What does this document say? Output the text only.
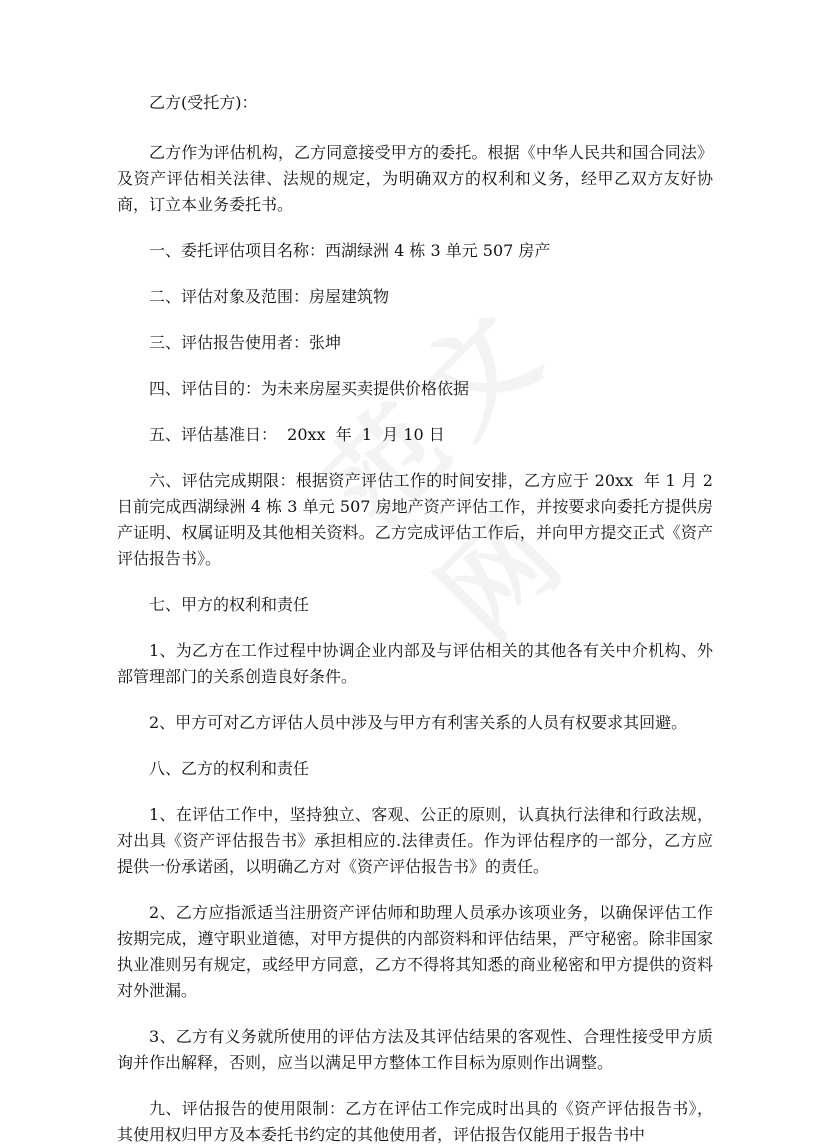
乙方(受托方)：

乙方作为评估机构，乙方同意接受甲方的委托。根据《中华人民共和国合同法》及资产评估相关法律、法规的规定，为明确双方的权利和义务，经甲乙双方友好协商，订立本业务委托书。

一、委托评估项目名称：西湖绿洲 4 栋 3 单元 507 房产

二、评估对象及范围：房屋建筑物

三、评估报告使用者：张坤

四、评估目的：为未来房屋买卖提供价格依据

五、评估基准日：  20xx  年  1  月 10 日

六、评估完成期限：根据资产评估工作的时间安排，乙方应于 20xx  年 1 月 2 日前完成西湖绿洲 4 栋 3 单元 507 房地产资产评估工作，并按要求向委托方提供房产证明、权属证明及其他相关资料。乙方完成评估工作后，并向甲方提交正式《资产评估报告书》。

七、甲方的权利和责任

1、为乙方在工作过程中协调企业内部及与评估相关的其他各有关中介机构、外部管理部门的关系创造良好条件。

2、甲方可对乙方评估人员中涉及与甲方有利害关系的人员有权要求其回避。

八、乙方的权利和责任

1、在评估工作中，坚持独立、客观、公正的原则，认真执行法律和行政法规，对出具《资产评估报告书》承担相应的.法律责任。作为评估程序的一部分，乙方应提供一份承诺函，以明确乙方对《资产评估报告书》的责任。

2、乙方应指派适当注册资产评估师和助理人员承办该项业务，以确保评估工作按期完成，遵守职业道德，对甲方提供的内部资料和评估结果，严守秘密。除非国家执业准则另有规定，或经甲方同意，乙方不得将其知悉的商业秘密和甲方提供的资料对外泄漏。

3、乙方有义务就所使用的评估方法及其评估结果的客观性、合理性接受甲方质询并作出解释，否则，应当以满足甲方整体工作目标为原则作出调整。

九、评估报告的使用限制：乙方在评估工作完成时出具的《资产评估报告书》，其使用权归甲方及本委托书约定的其他使用者，评估报告仅能用于报告书中
